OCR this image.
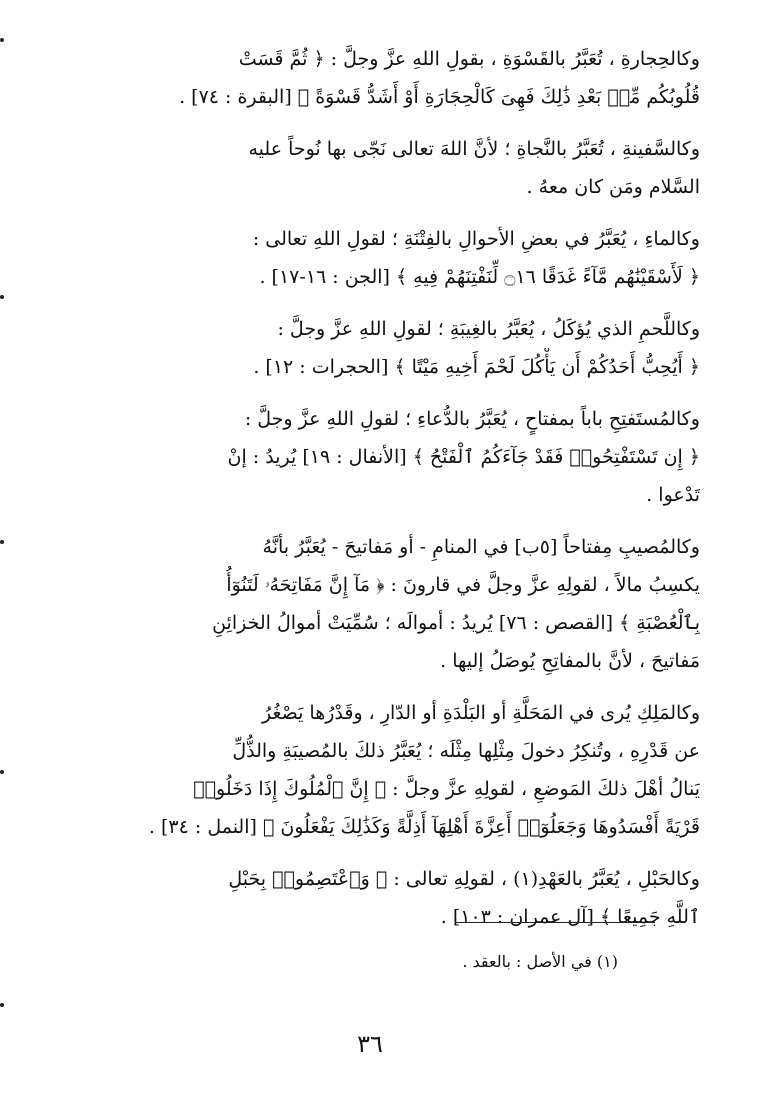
وكالحِجارةِ ، تُعَبَّرُ بالقَسْوَةِ ، بقولِ اللهِ عزَّ وجلَّ : ﴿ ثُمَّ قَسَتْ
قُلُوبُكُم مِّنۢ بَعْدِ ذَٰلِكَ فَهِىَ كَالْحِجَارَةِ أَوْ أَشَدُّ قَسْوَةً ﴾ [البقرة : ٧٤] .
وكالسَّفينةِ ، تُعَبَّرُ بالنَّجاةِ ؛ لأنَّ اللهَ تعالى نَجّى بها نُوحاً عليه
السَّلام ومَن كان معهُ .
وكالماءِ ، يُعَبَّرُ في بعضِ الأحوالِ بالفِتْنَةِ ؛ لقولِ اللهِ تعالى :
﴿ لَأَسْقَيْنَٰهُم مَّآءً غَدَقًا ۝١٦ لِّنَفْتِنَهُمْ فِيهِ ﴾ [الجن : ١٦-١٧] .
وكاللَّحمِ الذي يُؤكَلُ ، يُعَبَّرُ بالغِيبَةِ ؛ لقولِ اللهِ عزَّ وجلَّ :
﴿ أَيُحِبُّ أَحَدُكُمْ أَن يَأْكُلَ لَحْمَ أَخِيهِ مَيْتًا ﴾ [الحجرات : ١٢] .
وكالمُستَفتِحِ باباً بمفتاحٍ ، يُعَبَّرُ بالدُّعاءِ ؛ لقولِ اللهِ عزَّ وجلَّ :
﴿ إِن تَسْتَفْتِحُوا۟ فَقَدْ جَآءَكُمُ ٱلْفَتْحُ ﴾ [الأنفال : ١٩] يُريدُ : إنْ
تَدْعوا .
وكالمُصيبِ مِفتاحاً [٥ب] في المنامِ - أو مَفاتيحَ - يُعَبَّرُ بأنَّهُ
يكسِبُ مالاً ، لقولِهِ عزَّ وجلَّ في قارونَ : ﴿ مَآ إِنَّ مَفَاتِحَهُۥ لَتَنُوٓأُ
بِٱلْعُصْبَةِ ﴾ [القصص : ٧٦] يُريدُ : أموالَه ؛ سُمِّيَتْ أموالُ الخزائِنِ
مَفاتيحَ ، لأنَّ بالمفاتِحِ يُوصَلُ إليها .
وكالمَلِكِ يُرى في المَحَلَّةِ أو البَلْدَةِ أو الدّارِ ، وقَدْرُها يَصْغُرُ
عن قَدْرِهِ ، وتُنكِرُ دخولَ مِثْلِها مِثْلَه ؛ يُعَبَّرُ ذلكَ بالمُصيبَةِ والذُّلِّ
يَنالُ أهْلَ ذلكَ المَوضعِ ، لقولِهِ عزَّ وجلَّ : ﴿ إِنَّ ٱلْمُلُوكَ إِذَا دَخَلُوا۟
قَرْيَةً أَفْسَدُوهَا وَجَعَلُوٓا۟ أَعِزَّةَ أَهْلِهَآ أَذِلَّةً وَكَذَٰلِكَ يَفْعَلُونَ ﴾ [النمل : ٣٤] .
وكالحَبْلِ ، يُعَبَّرُ بالعَهْدِ(١) ، لقولِهِ تعالى : ﴿ وَٱعْتَصِمُوا۟ بِحَبْلِ
ٱللَّهِ جَمِيعًا ﴾ [آل عمران : ١٠٣] .
(١) في الأصل : بالعقد .
٣٦
